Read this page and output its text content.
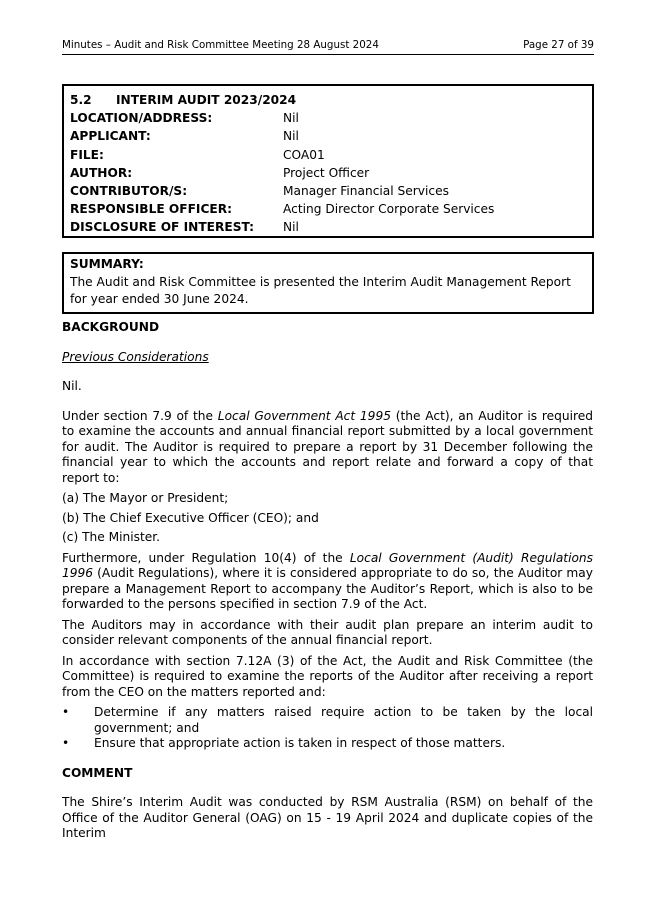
Minutes – Audit and Risk Committee Meeting 28 August 2024	Page 27 of 39
5.2 INTERIM AUDIT 2023/2024	
LOCATION/ADDRESS:	Nil
APPLICANT:	Nil
FILE:	COA01
AUTHOR:	Project Officer
CONTRIBUTOR/S:	Manager Financial Services
RESPONSIBLE OFFICER:	Acting Director Corporate Services
DISCLOSURE OF INTEREST:	Nil
SUMMARY:
The Audit and Risk Committee is presented the Interim Audit Management Report for year ended 30 June 2024.
BACKGROUND
Previous Considerations

Nil.

Under section 7.9 of the Local Government Act 1995 (the Act), an Auditor is required to examine the accounts and annual financial report submitted by a local government for audit. The Auditor is required to prepare a report by 31 December following the financial year to which the accounts and report relate and forward a copy of that report to:

(a) The Mayor or President;
(b) The Chief Executive Officer (CEO); and
(c) The Minister.

Furthermore, under Regulation 10(4) of the Local Government (Audit) Regulations 1996 (Audit Regulations), where it is considered appropriate to do so, the Auditor may prepare a Management Report to accompany the Auditor’s Report, which is also to be forwarded to the persons specified in section 7.9 of the Act.

The Auditors may in accordance with their audit plan prepare an interim audit to consider relevant components of the annual financial report.

In accordance with section 7.12A (3) of the Act, the Audit and Risk Committee (the Committee) is required to examine the reports of the Auditor after receiving a report from the CEO on the matters reported and:

•	Determine if any matters raised require action to be taken by the local government; and
•	Ensure that appropriate action is taken in respect of those matters.
COMMENT

The Shire’s Interim Audit was conducted by RSM Australia (RSM) on behalf of the Office of the Auditor General (OAG) on 15 - 19 April 2024 and duplicate copies of the Interim
